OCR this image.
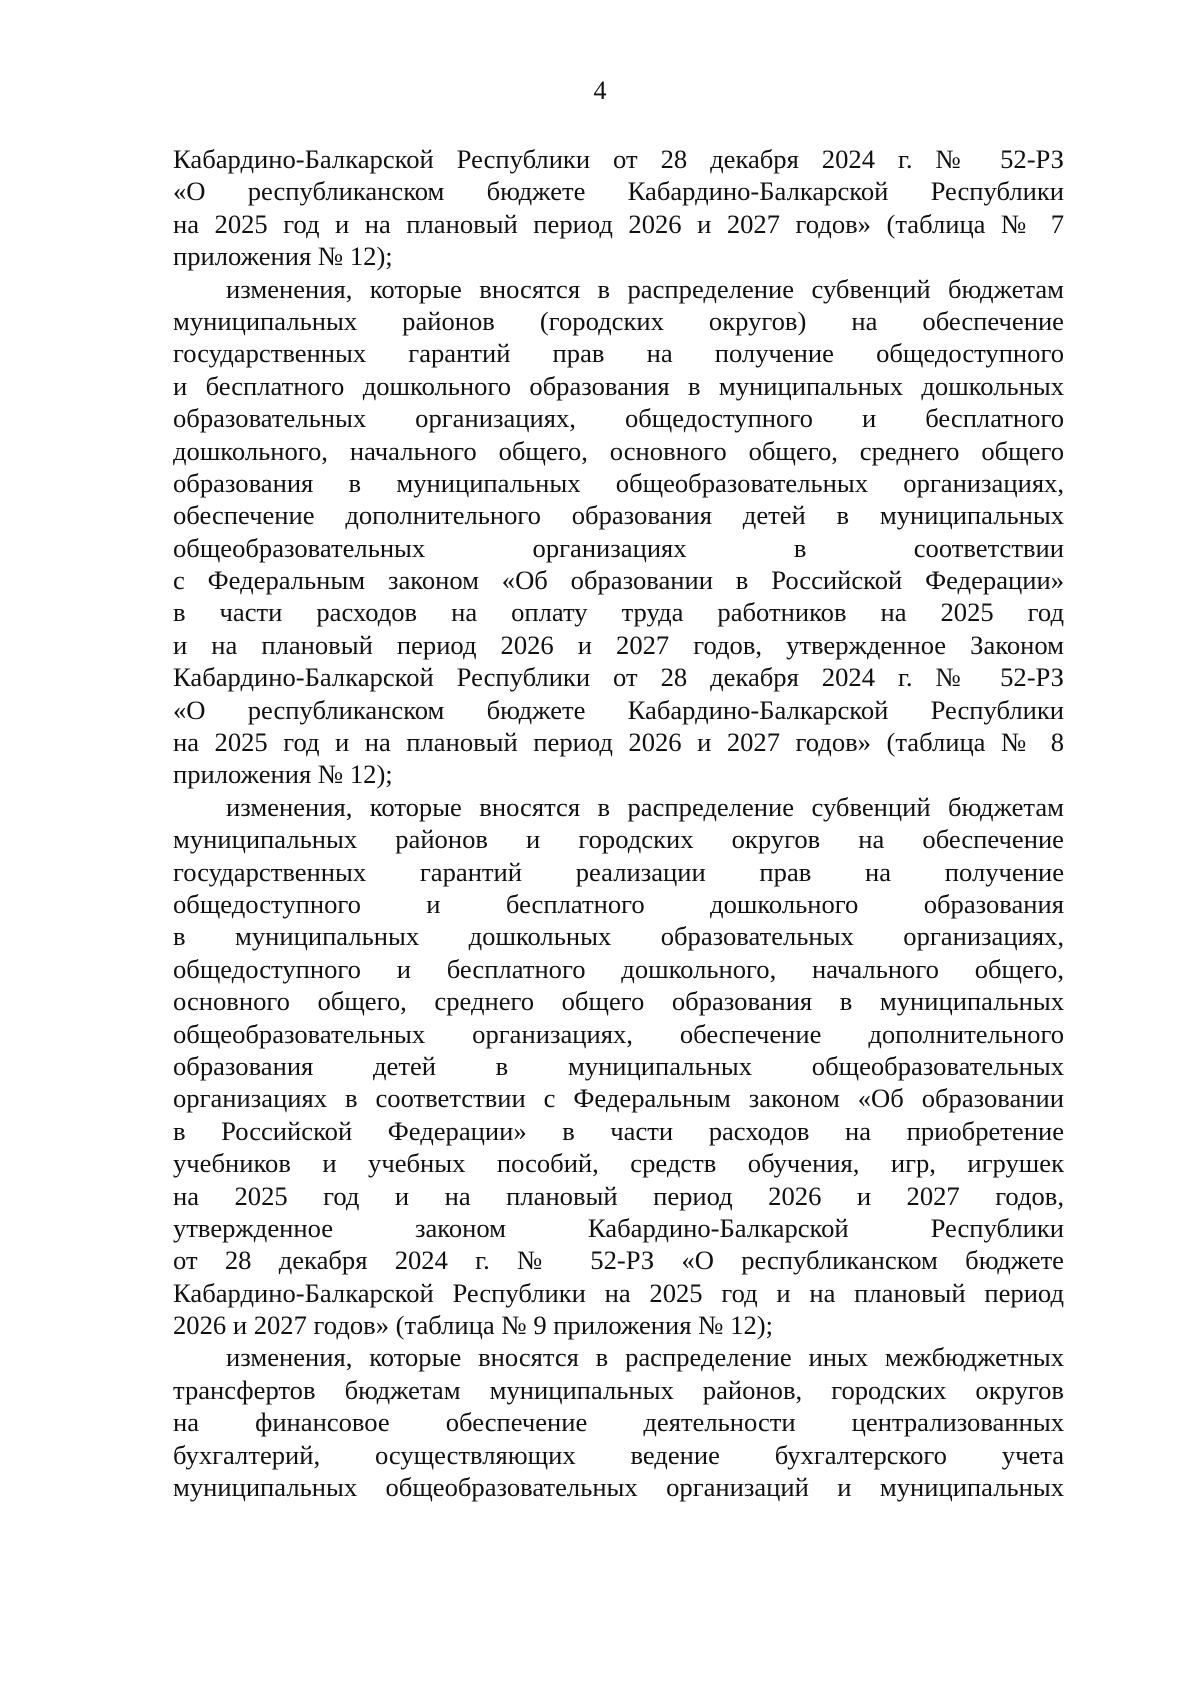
4
Кабардино-Балкарской Республики от 28 декабря 2024 г. № 52-РЗ
«О республиканском бюджете Кабардино-Балкарской Республики
на 2025 год и на плановый период 2026 и 2027 годов» (таблица № 7
приложения № 12);
изменения, которые вносятся в распределение субвенций бюджетам
муниципальных районов (городских округов) на обеспечение
государственных гарантий прав на получение общедоступного
и бесплатного дошкольного образования в муниципальных дошкольных
образовательных организациях, общедоступного и бесплатного
дошкольного, начального общего, основного общего, среднего общего
образования в муниципальных общеобразовательных организациях,
обеспечение дополнительного образования детей в муниципальных
общеобразовательных организациях в соответствии
с Федеральным законом «Об образовании в Российской Федерации»
в части расходов на оплату труда работников на 2025 год
и на плановый период 2026 и 2027 годов, утвержденное Законом
Кабардино-Балкарской Республики от 28 декабря 2024 г. № 52-РЗ
«О республиканском бюджете Кабардино-Балкарской Республики
на 2025 год и на плановый период 2026 и 2027 годов» (таблица № 8
приложения № 12);
изменения, которые вносятся в распределение субвенций бюджетам
муниципальных районов и городских округов на обеспечение
государственных гарантий реализации прав на получение
общедоступного и бесплатного дошкольного образования
в муниципальных дошкольных образовательных организациях,
общедоступного и бесплатного дошкольного, начального общего,
основного общего, среднего общего образования в муниципальных
общеобразовательных организациях, обеспечение дополнительного
образования детей в муниципальных общеобразовательных
организациях в соответствии с Федеральным законом «Об образовании
в Российской Федерации» в части расходов на приобретение
учебников и учебных пособий, средств обучения, игр, игрушек
на 2025 год и на плановый период 2026 и 2027 годов,
утвержденное законом Кабардино-Балкарской Республики
от 28 декабря 2024 г. № 52-РЗ «О республиканском бюджете
Кабардино-Балкарской Республики на 2025 год и на плановый период
2026 и 2027 годов» (таблица № 9 приложения № 12);
изменения, которые вносятся в распределение иных межбюджетных
трансфертов бюджетам муниципальных районов, городских округов
на финансовое обеспечение деятельности централизованных
бухгалтерий, осуществляющих ведение бухгалтерского учета
муниципальных общеобразовательных организаций и муниципальных
